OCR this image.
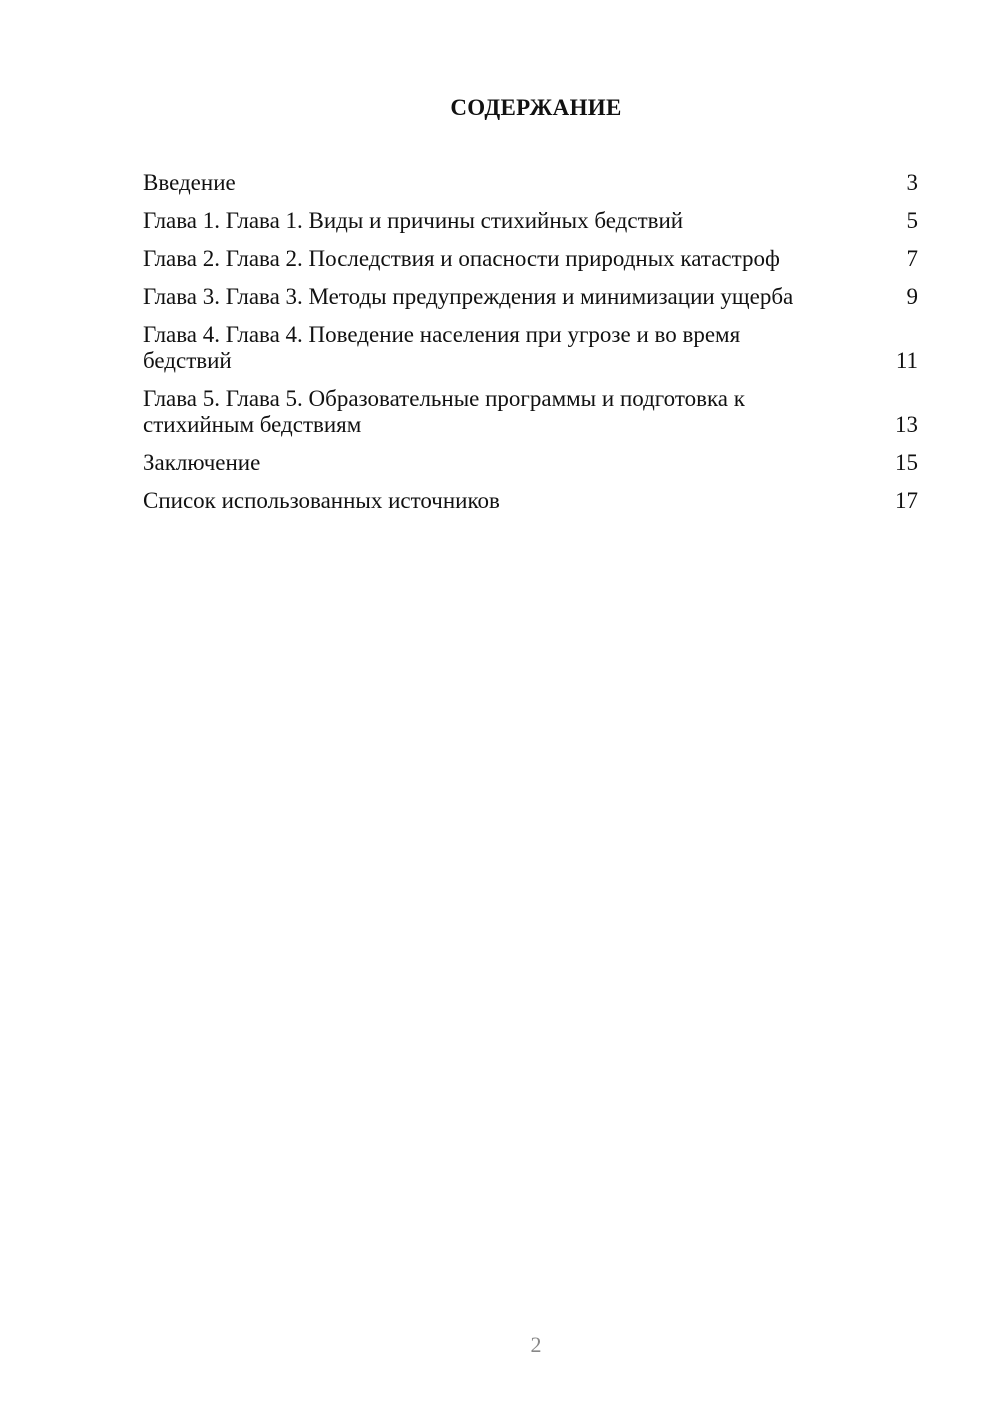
СОДЕРЖАНИЕ
Введение	3
Глава 1. Глава 1. Виды и причины стихийных бедствий	5
Глава 2. Глава 2. Последствия и опасности природных катастроф	7
Глава 3. Глава 3. Методы предупреждения и минимизации ущерба	9
Глава 4. Глава 4. Поведение населения при угрозе и во время бедствий	11
Глава 5. Глава 5. Образовательные программы и подготовка к стихийным бедствиям	13
Заключение	15
Список использованных источников	17
2
